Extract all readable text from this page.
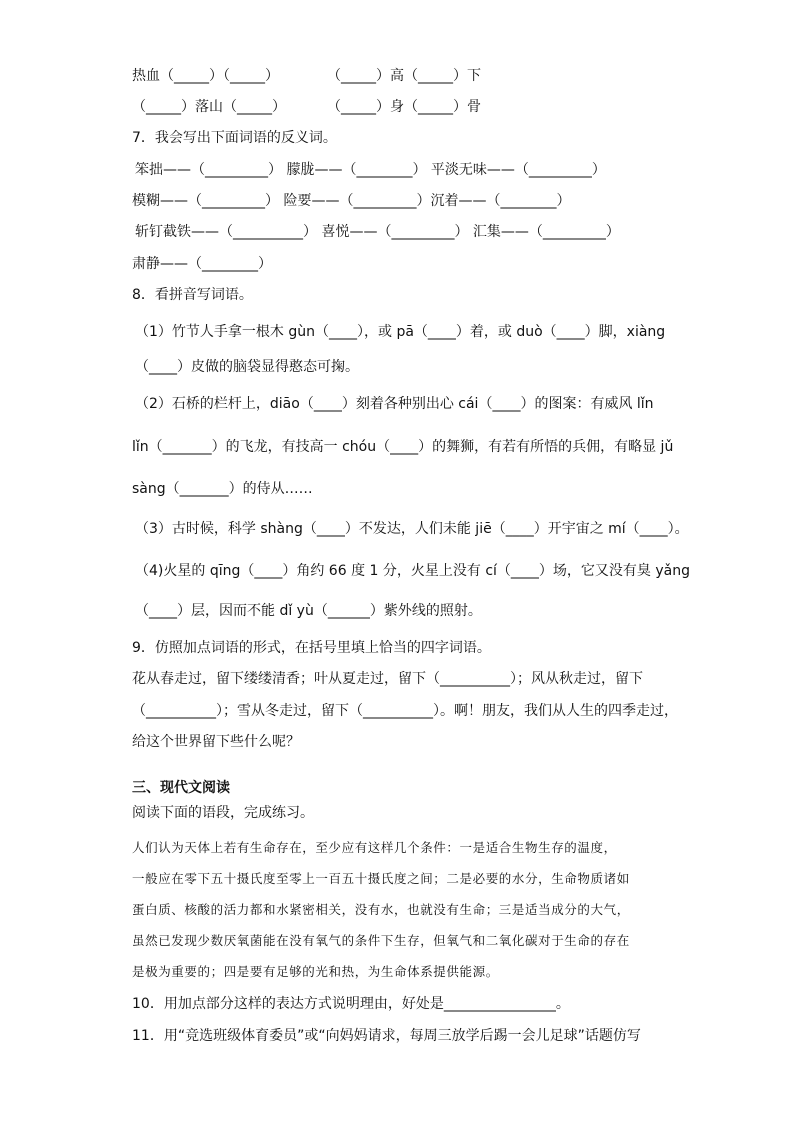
热血（_____）（_____）	（_____）高（_____）下
（_____）落山（_____）	（_____）身（_____）骨
7．我会写出下面词语的反义词。
笨拙——（_________） 朦胧——（________） 平淡无味——（_________）
模糊——（_________） 险要——（_________）沉着——（________）
斩钉截铁——（__________） 喜悦——（_________） 汇集——（_________）
肃静——（________）
8．看拼音写词语。
（1）竹节人手拿一根木 gùn（____），或 pā（____）着，或 duò（____）脚，xiàng
（____）皮做的脑袋显得憨态可掬。
（2）石桥的栏杆上，diāo（____）刻着各种别出心 cái（____）的图案：有威风 lǐn
lǐn（_______）的飞龙，有技高一 chóu（____）的舞狮，有若有所悟的兵佣，有略显 jǔ
sàng（_______）的侍从……
（3）古时候，科学 shàng（____）不发达，人们未能 jiē（____）开宇宙之 mí（____）。
（4)火星的 qīng（____）角约 66 度 1 分，火星上没有 cí（____）场，它又没有臭 yǎng
（____）层，因而不能 dǐ yù（______）紫外线的照射。
9．仿照加点词语的形式，在括号里填上恰当的四字词语。
花从春走过，留下缕缕清香；叶从夏走过，留下（__________）；风从秋走过，留下
（__________）；雪从冬走过，留下（__________）。啊！朋友，我们从人生的四季走过，
给这个世界留下些什么呢？
三、现代文阅读
阅读下面的语段，完成练习。

人们认为天体上若有生命存在，至少应有这样几个条件：一是适合生物生存的温度，

一般应在零下五十摄氏度至零上一百五十摄氏度之间；二是必要的水分，生命物质诸如

蛋白质、核酸的活力都和水紧密相关，没有水，也就没有生命；三是适当成分的大气，

虽然已发现少数厌氧菌能在没有氧气的条件下生存，但氧气和二氧化碳对于生命的存在

是极为重要的；四是要有足够的光和热，为生命体系提供能源。

10．用加点部分这样的表达方式说明理由，好处是________________。
11．用“竞选班级体育委员”或“向妈妈请求，每周三放学后踢一会儿足球”话题仿写
